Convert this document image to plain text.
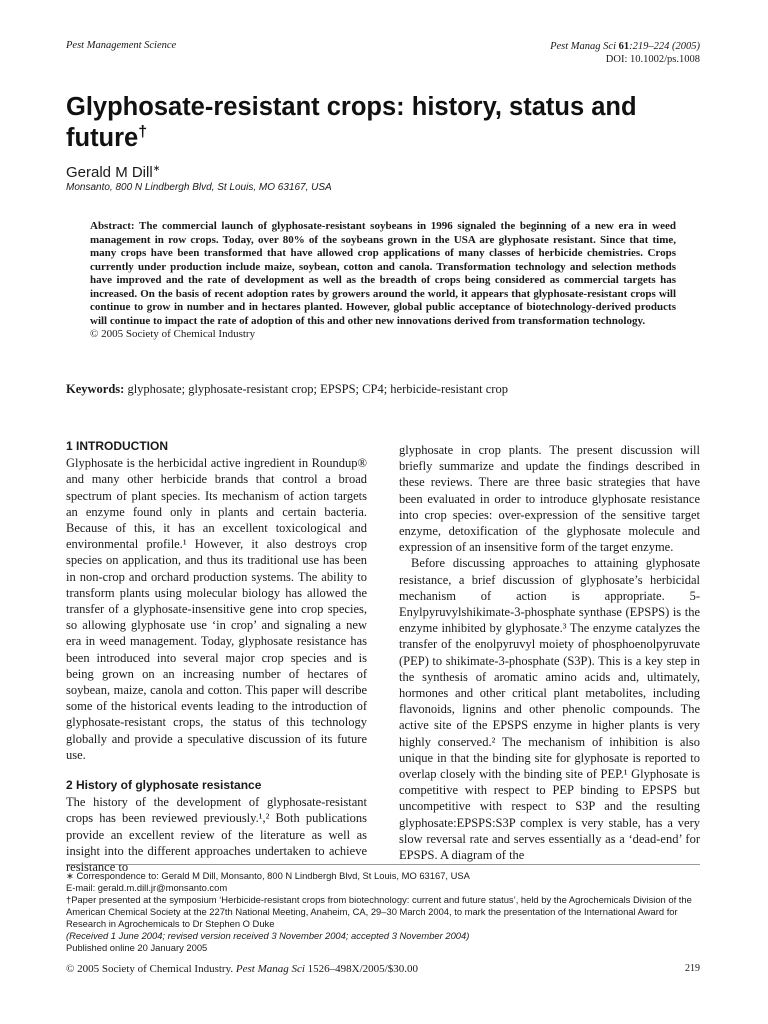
Pest Management Science	Pest Manag Sci 61:219–224 (2005)
DOI: 10.1002/ps.1008
Glyphosate-resistant crops: history, status and future†
Gerald M Dill∗
Monsanto, 800 N Lindbergh Blvd, St Louis, MO 63167, USA
Abstract: The commercial launch of glyphosate-resistant soybeans in 1996 signaled the beginning of a new era in weed management in row crops. Today, over 80% of the soybeans grown in the USA are glyphosate resistant. Since that time, many crops have been transformed that have allowed crop applications of many classes of herbicide chemistries. Crops currently under production include maize, soybean, cotton and canola. Transformation technology and selection methods have improved and the rate of development as well as the breadth of crops being considered as commercial targets has increased. On the basis of recent adoption rates by growers around the world, it appears that glyphosate-resistant crops will continue to grow in number and in hectares planted. However, global public acceptance of biotechnology-derived products will continue to impact the rate of adoption of this and other new innovations derived from transformation technology.
© 2005 Society of Chemical Industry
Keywords: glyphosate; glyphosate-resistant crop; EPSPS; CP4; herbicide-resistant crop
1 INTRODUCTION

Glyphosate is the herbicidal active ingredient in Roundup® and many other herbicide brands that control a broad spectrum of plant species. Its mechanism of action targets an enzyme found only in plants and certain bacteria. Because of this, it has an excellent toxicological and environmental profile.¹ However, it also destroys crop species on application, and thus its traditional use has been in non-crop and orchard production systems. The ability to transform plants using molecular biology has allowed the transfer of a glyphosate-insensitive gene into crop species, so allowing glyphosate use ‘in crop’ and signaling a new era in weed management. Today, glyphosate resistance has been introduced into several major crop species and is being grown on an increasing number of hectares of soybean, maize, canola and cotton. This paper will describe some of the historical events leading to the introduction of glyphosate-resistant crops, the status of this technology globally and provide a speculative discussion of its future use.

2 History of glyphosate resistance

The history of the development of glyphosate-resistant crops has been reviewed previously.¹,² Both publications provide an excellent review of the literature as well as insight into the different approaches undertaken to achieve resistance to

glyphosate in crop plants. The present discussion will briefly summarize and update the findings described in these reviews. There are three basic strategies that have been evaluated in order to introduce glyphosate resistance into crop species: over-expression of the sensitive target enzyme, detoxification of the glyphosate molecule and expression of an insensitive form of the target enzyme.

Before discussing approaches to attaining glyphosate resistance, a brief discussion of glyphosate’s herbicidal mechanism of action is appropriate. 5-Enylpyruvylshikimate-3-phosphate synthase (EPSPS) is the enzyme inhibited by glyphosate.³ The enzyme catalyzes the transfer of the enolpyruvyl moiety of phosphoenolpyruvate (PEP) to shikimate-3-phosphate (S3P). This is a key step in the synthesis of aromatic amino acids and, ultimately, hormones and other critical plant metabolites, including flavonoids, lignins and other phenolic compounds. The active site of the EPSPS enzyme in higher plants is very highly conserved.² The mechanism of inhibition is also unique in that the binding site for glyphosate is reported to overlap closely with the binding site of PEP.¹ Glyphosate is competitive with respect to PEP binding to EPSPS but uncompetitive with respect to S3P and the resulting glyphosate:EPSPS:S3P complex is very stable, has a very slow reversal rate and serves essentially as a ‘dead-end’ for EPSPS. A diagram of the

∗ Correspondence to: Gerald M Dill, Monsanto, 800 N Lindbergh Blvd, St Louis, MO 63167, USA

E-mail: gerald.m.dill.jr@monsanto.com

†Paper presented at the symposium ‘Herbicide-resistant crops from biotechnology: current and future status’, held by the Agrochemicals Division of the American Chemical Society at the 227th National Meeting, Anaheim, CA, 29–30 March 2004, to mark the presentation of the International Award for Research in Agrochemicals to Dr Stephen O Duke

(Received 1 June 2004; revised version received 3 November 2004; accepted 3 November 2004)

Published online 20 January 2005

© 2005 Society of Chemical Industry. Pest Manag Sci 1526–498X/2005/$30.00	219
